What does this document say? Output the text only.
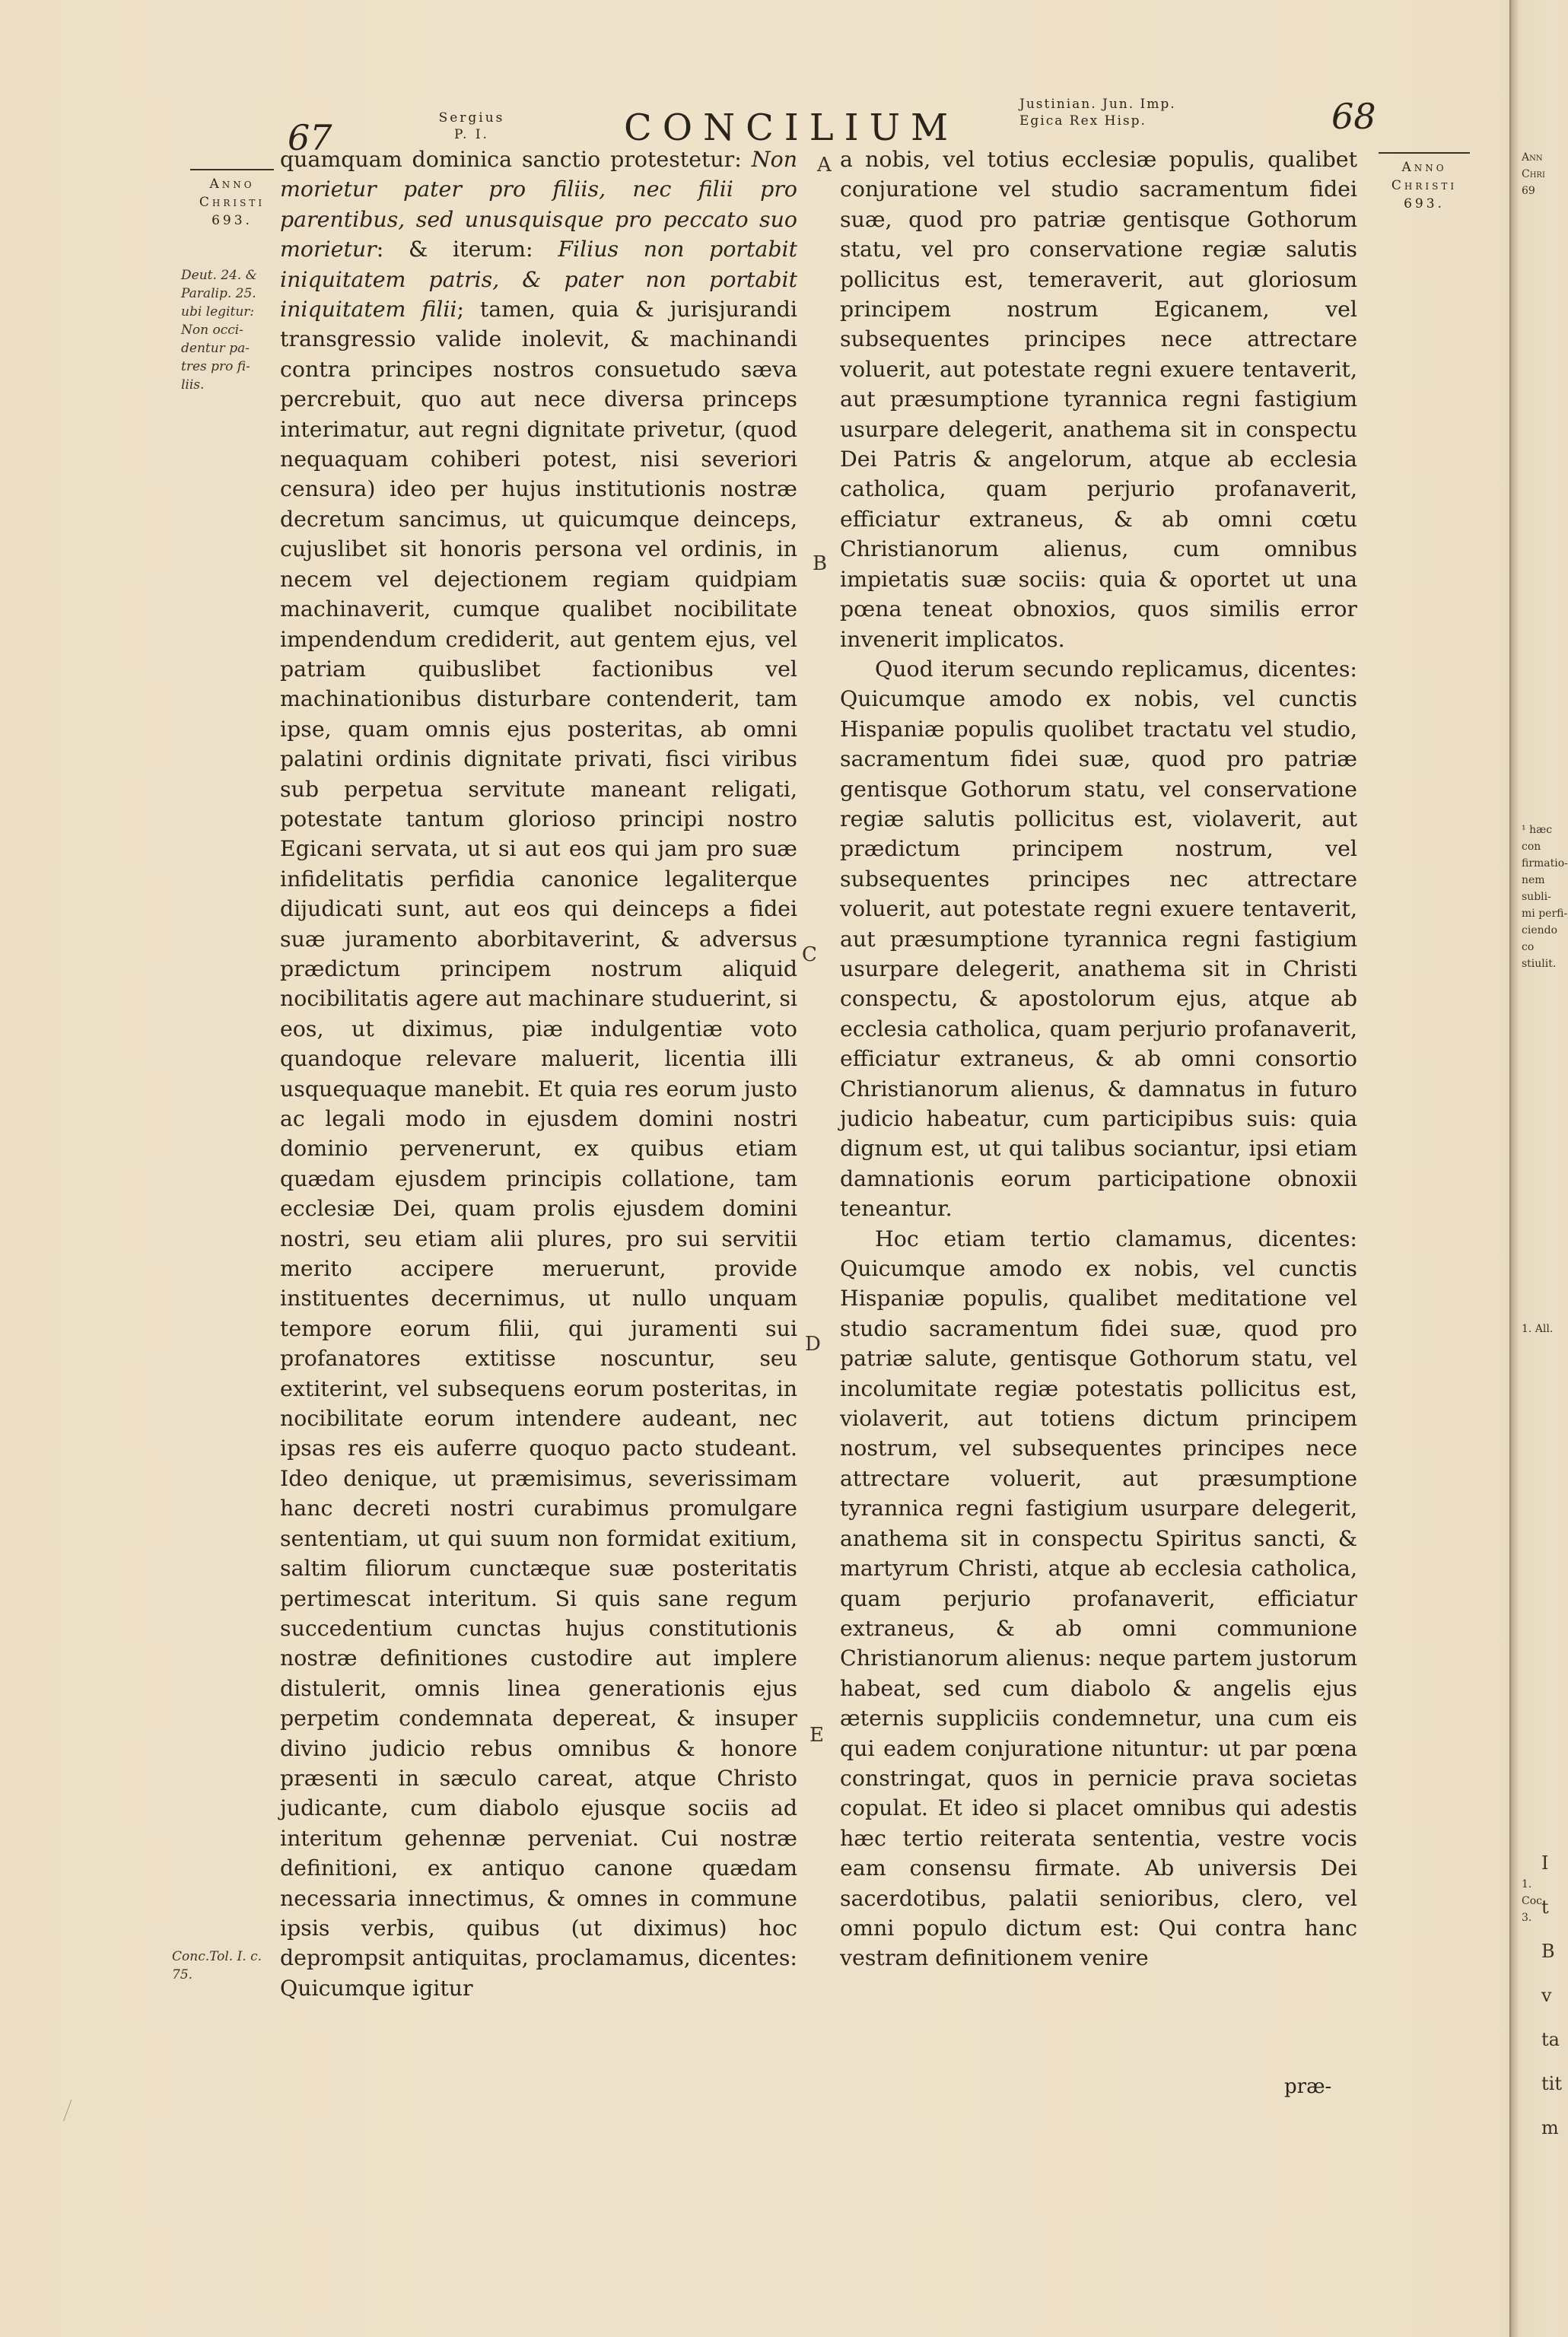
67	Sergius
P. I.	CONCILIUM
Justinian. Jun. Imp.
Egica Rex Hisp.	68
Anno
Christi
693.
Deut. 24. & Paralip. 25. ubi legitur: Non occi- dentur pa- tres pro fi- liis.
Conc.Tol. I. c. 75.
Anno
Christi
693.
A
B
C
D
E

quamquam dominica sanctio protestetur: Non morietur pater pro filiis, nec filii pro parentibus, sed unusquisque pro peccato suo morietur: & iterum: Filius non portabit iniquitatem patris, & pater non portabit iniquitatem filii; tamen, quia & jurisjurandi transgressio valide inolevit, & machinandi contra principes nostros consuetudo sæva percrebuit, quo aut nece diversa princeps interimatur, aut regni dignitate privetur, (quod nequaquam cohiberi potest, nisi severiori censura) ideo per hujus institutionis nostræ decretum sancimus, ut quicumque deinceps, cujuslibet sit honoris persona vel ordinis, in necem vel dejectionem regiam quidpiam machinaverit, cumque qualibet nocibilitate impendendum crediderit, aut gentem ejus, vel patriam quibuslibet factionibus vel machinationibus disturbare contenderit, tam ipse, quam omnis ejus posteritas, ab omni palatini ordinis dignitate privati, fisci viribus sub perpetua servitute maneant religati, potestate tantum glorioso principi nostro Egicani servata, ut si aut eos qui jam pro suæ infidelitatis perfidia canonice legaliterque dijudicati sunt, aut eos qui deinceps a fidei suæ juramento aborbitaverint, & adversus prædictum principem nostrum aliquid nocibilitatis agere aut machinare studuerint, si eos, ut diximus, piæ indulgentiæ voto quandoque relevare maluerit, licentia illi usquequaque manebit. Et quia res eorum justo ac legali modo in ejusdem domini nostri dominio pervenerunt, ex quibus etiam quædam ejusdem principis collatione, tam ecclesiæ Dei, quam prolis ejusdem domini nostri, seu etiam alii plures, pro sui servitii merito accipere meruerunt, provide instituentes decernimus, ut nullo unquam tempore eorum filii, qui juramenti sui profanatores extitisse noscuntur, seu extiterint, vel subsequens eorum posteritas, in nocibilitate eorum intendere audeant, nec ipsas res eis auferre quoquo pacto studeant. Ideo denique, ut præmisimus, severissimam hanc decreti nostri curabimus promulgare sententiam, ut qui suum non formidat exitium, saltim filiorum cunctæque suæ posteritatis pertimescat interitum. Si quis sane regum succedentium cunctas hujus constitutionis nostræ definitiones custodire aut implere distulerit, omnis linea generationis ejus perpetim condemnata depereat, & insuper divino judicio rebus omnibus & honore præsenti in sæculo careat, atque Christo judicante, cum diabolo ejusque sociis ad interitum gehennæ perveniat. Cui nostræ definitioni, ex antiquo canone quædam necessaria innectimus, & omnes in commune ipsis verbis, quibus (ut diximus) hoc deprompsit antiquitas, proclamamus, dicentes: Quicumque igitur

a nobis, vel totius ecclesiæ populis, qualibet conjuratione vel studio sacramentum fidei suæ, quod pro patriæ gentisque Gothorum statu, vel pro conservatione regiæ salutis pollicitus est, temeraverit, aut gloriosum principem nostrum Egicanem, vel subsequentes principes nece attrectare voluerit, aut potestate regni exuere tentaverit, aut præsumptione tyrannica regni fastigium usurpare delegerit, anathema sit in conspectu Dei Patris & angelorum, atque ab ecclesia catholica, quam perjurio profanaverit, efficiatur extraneus, & ab omni cœtu Christianorum alienus, cum omnibus impietatis suæ sociis: quia & oportet ut una pœna teneat obnoxios, quos similis error invenerit implicatos.

Quod iterum secundo replicamus, dicentes: Quicumque amodo ex nobis, vel cunctis Hispaniæ populis quolibet tractatu vel studio, sacramentum fidei suæ, quod pro patriæ gentisque Gothorum statu, vel conservatione regiæ salutis pollicitus est, violaverit, aut prædictum principem nostrum, vel subsequentes principes nec attrectare voluerit, aut potestate regni exuere tentaverit, aut præsumptione tyrannica regni fastigium usurpare delegerit, anathema sit in Christi conspectu, & apostolorum ejus, atque ab ecclesia catholica, quam perjurio profanaverit, efficiatur extraneus, & ab omni consortio Christianorum alienus, & damnatus in futuro judicio habeatur, cum participibus suis: quia dignum est, ut qui talibus sociantur, ipsi etiam damnationis eorum participatione obnoxii teneantur.

Hoc etiam tertio clamamus, dicentes: Quicumque amodo ex nobis, vel cunctis Hispaniæ populis, qualibet meditatione vel studio sacramentum fidei suæ, quod pro patriæ salute, gentisque Gothorum statu, vel incolumitate regiæ potestatis pollicitus est, violaverit, aut totiens dictum principem nostrum, vel subsequentes principes nece attrectare voluerit, aut præsumptione tyrannica regni fastigium usurpare delegerit, anathema sit in conspectu Spiritus sancti, & martyrum Christi, atque ab ecclesia catholica, quam perjurio profanaverit, efficiatur extraneus, & ab omni communione Christianorum alienus: neque partem justorum habeat, sed cum diabolo & angelis ejus æternis suppliciis condemnetur, una cum eis qui eadem conjuratione nituntur: ut par pœna constringat, quos in pernicie prava societas copulat. Et ideo si placet omnibus qui adestis hæc tertio reiterata sententia, vestre vocis eam consensu firmate. Ab universis Dei sacerdotibus, palatii senioribus, clero, vel omni populo dictum est: Qui contra hanc vestram definitionem venire

præ-
Ann
Chri
69
¹ hæc con
firmatio-
nem subli-
mi perfi-
ciendo co
stiulit.
1. All.
1. Coc. 3.
I
t
B
v
ta
tit
m
